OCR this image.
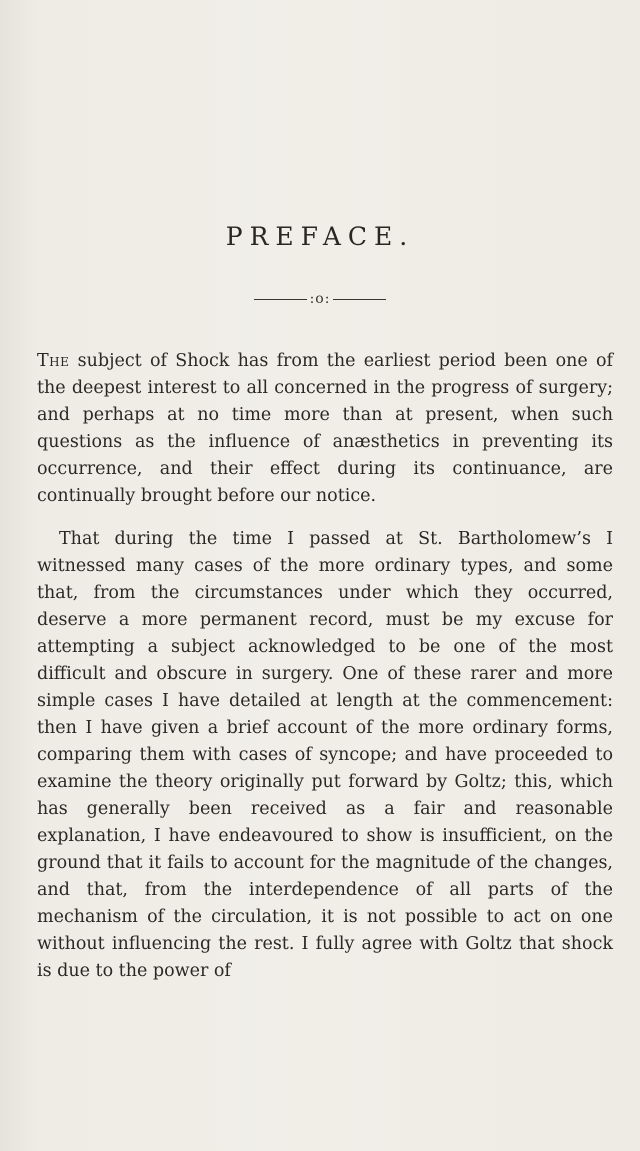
PREFACE.
:o:

The subject of Shock has from the earliest period been one of the deepest interest to all concerned in the progress of surgery; and perhaps at no time more than at present, when such questions as the influence of anæsthetics in preventing its occurrence, and their effect during its continuance, are continually brought before our notice.

That during the time I passed at St. Bartholomew’s I witnessed many cases of the more ordinary types, and some that, from the circumstances under which they occurred, deserve a more permanent record, must be my excuse for attempting a subject acknowledged to be one of the most difficult and obscure in surgery. One of these rarer and more simple cases I have detailed at length at the commencement: then I have given a brief account of the more ordinary forms, comparing them with cases of syncope; and have proceeded to examine the theory originally put forward by Goltz; this, which has generally been received as a fair and reasonable explanation, I have endeavoured to show is insufficient, on the ground that it fails to account for the magnitude of the changes, and that, from the interdependence of all parts of the mechanism of the circulation, it is not possible to act on one without influencing the rest. I fully agree with Goltz that shock is due to the power of
